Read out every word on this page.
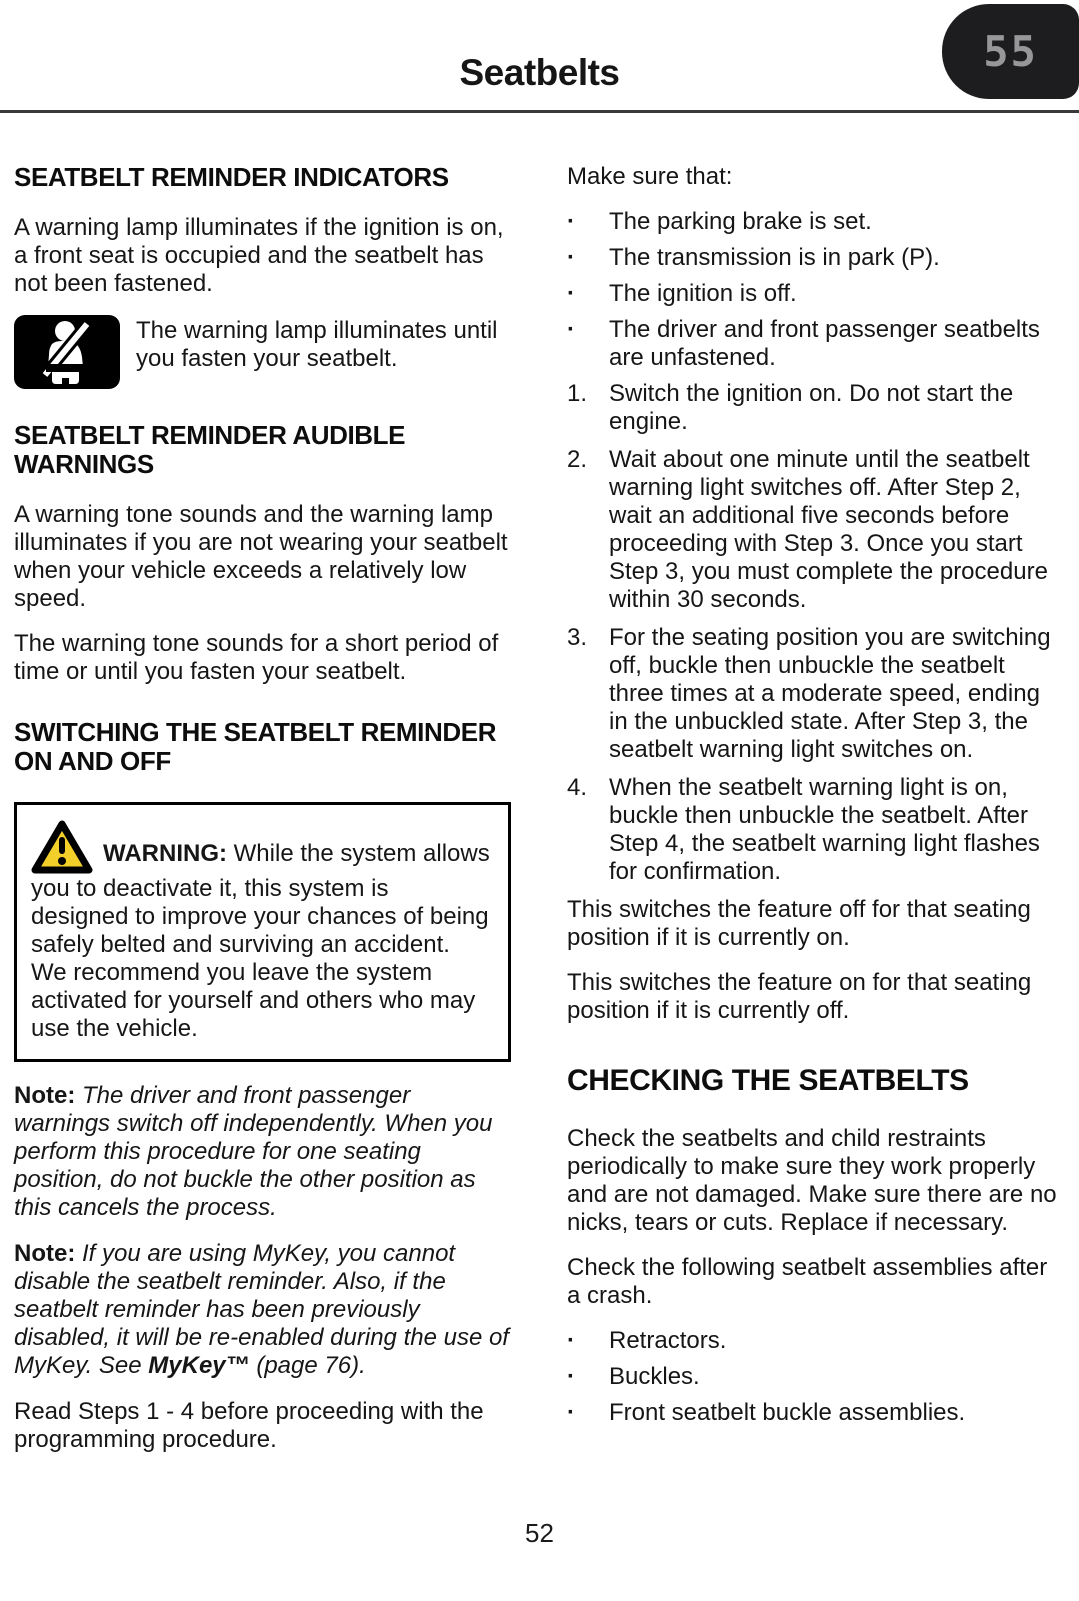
Seatbelts	55
SEATBELT REMINDER INDICATORS

A warning lamp illuminates if the ignition is on, a front seat is occupied and the seatbelt has not been fastened.

The warning lamp illuminates until you fasten your seatbelt.
SEATBELT REMINDER AUDIBLE WARNINGS

A warning tone sounds and the warning lamp illuminates if you are not wearing your seatbelt when your vehicle exceeds a relatively low speed.

The warning tone sounds for a short period of time or until you fasten your seatbelt.

SWITCHING THE SEATBELT REMINDER ON AND OFF

WARNING: While the system allows you to deactivate it, this system is designed to improve your chances of being safely belted and surviving an accident. We recommend you leave the system activated for yourself and others who may use the vehicle.

Note: The driver and front passenger warnings switch off independently. When you perform this procedure for one seating position, do not buckle the other position as this cancels the process.

Note: If you are using MyKey, you cannot disable the seatbelt reminder. Also, if the seatbelt reminder has been previously disabled, it will be re-enabled during the use of MyKey. See MyKey™ (page 76).

Read Steps 1 - 4 before proceeding with the programming procedure.

Make sure that:

·	The parking brake is set.
·	The transmission is in park (P).
·	The ignition is off.
·	The driver and front passenger seatbelts are unfastened.
1. Switch the ignition on. Do not start the engine.
2. Wait about one minute until the seatbelt warning light switches off. After Step 2, wait an additional five seconds before proceeding with Step 3. Once you start Step 3, you must complete the procedure within 30 seconds.
3. For the seating position you are switching off, buckle then unbuckle the seatbelt three times at a moderate speed, ending in the unbuckled state. After Step 3, the seatbelt warning light switches on.
4. When the seatbelt warning light is on, buckle then unbuckle the seatbelt. After Step 4, the seatbelt warning light flashes for confirmation.

This switches the feature off for that seating position if it is currently on.

This switches the feature on for that seating position if it is currently off.

CHECKING THE SEATBELTS

Check the seatbelts and child restraints periodically to make sure they work properly and are not damaged. Make sure there are no nicks, tears or cuts. Replace if necessary.

Check the following seatbelt assemblies after a crash.

·	Retractors.
·	Buckles.
·	Front seatbelt buckle assemblies.
52
